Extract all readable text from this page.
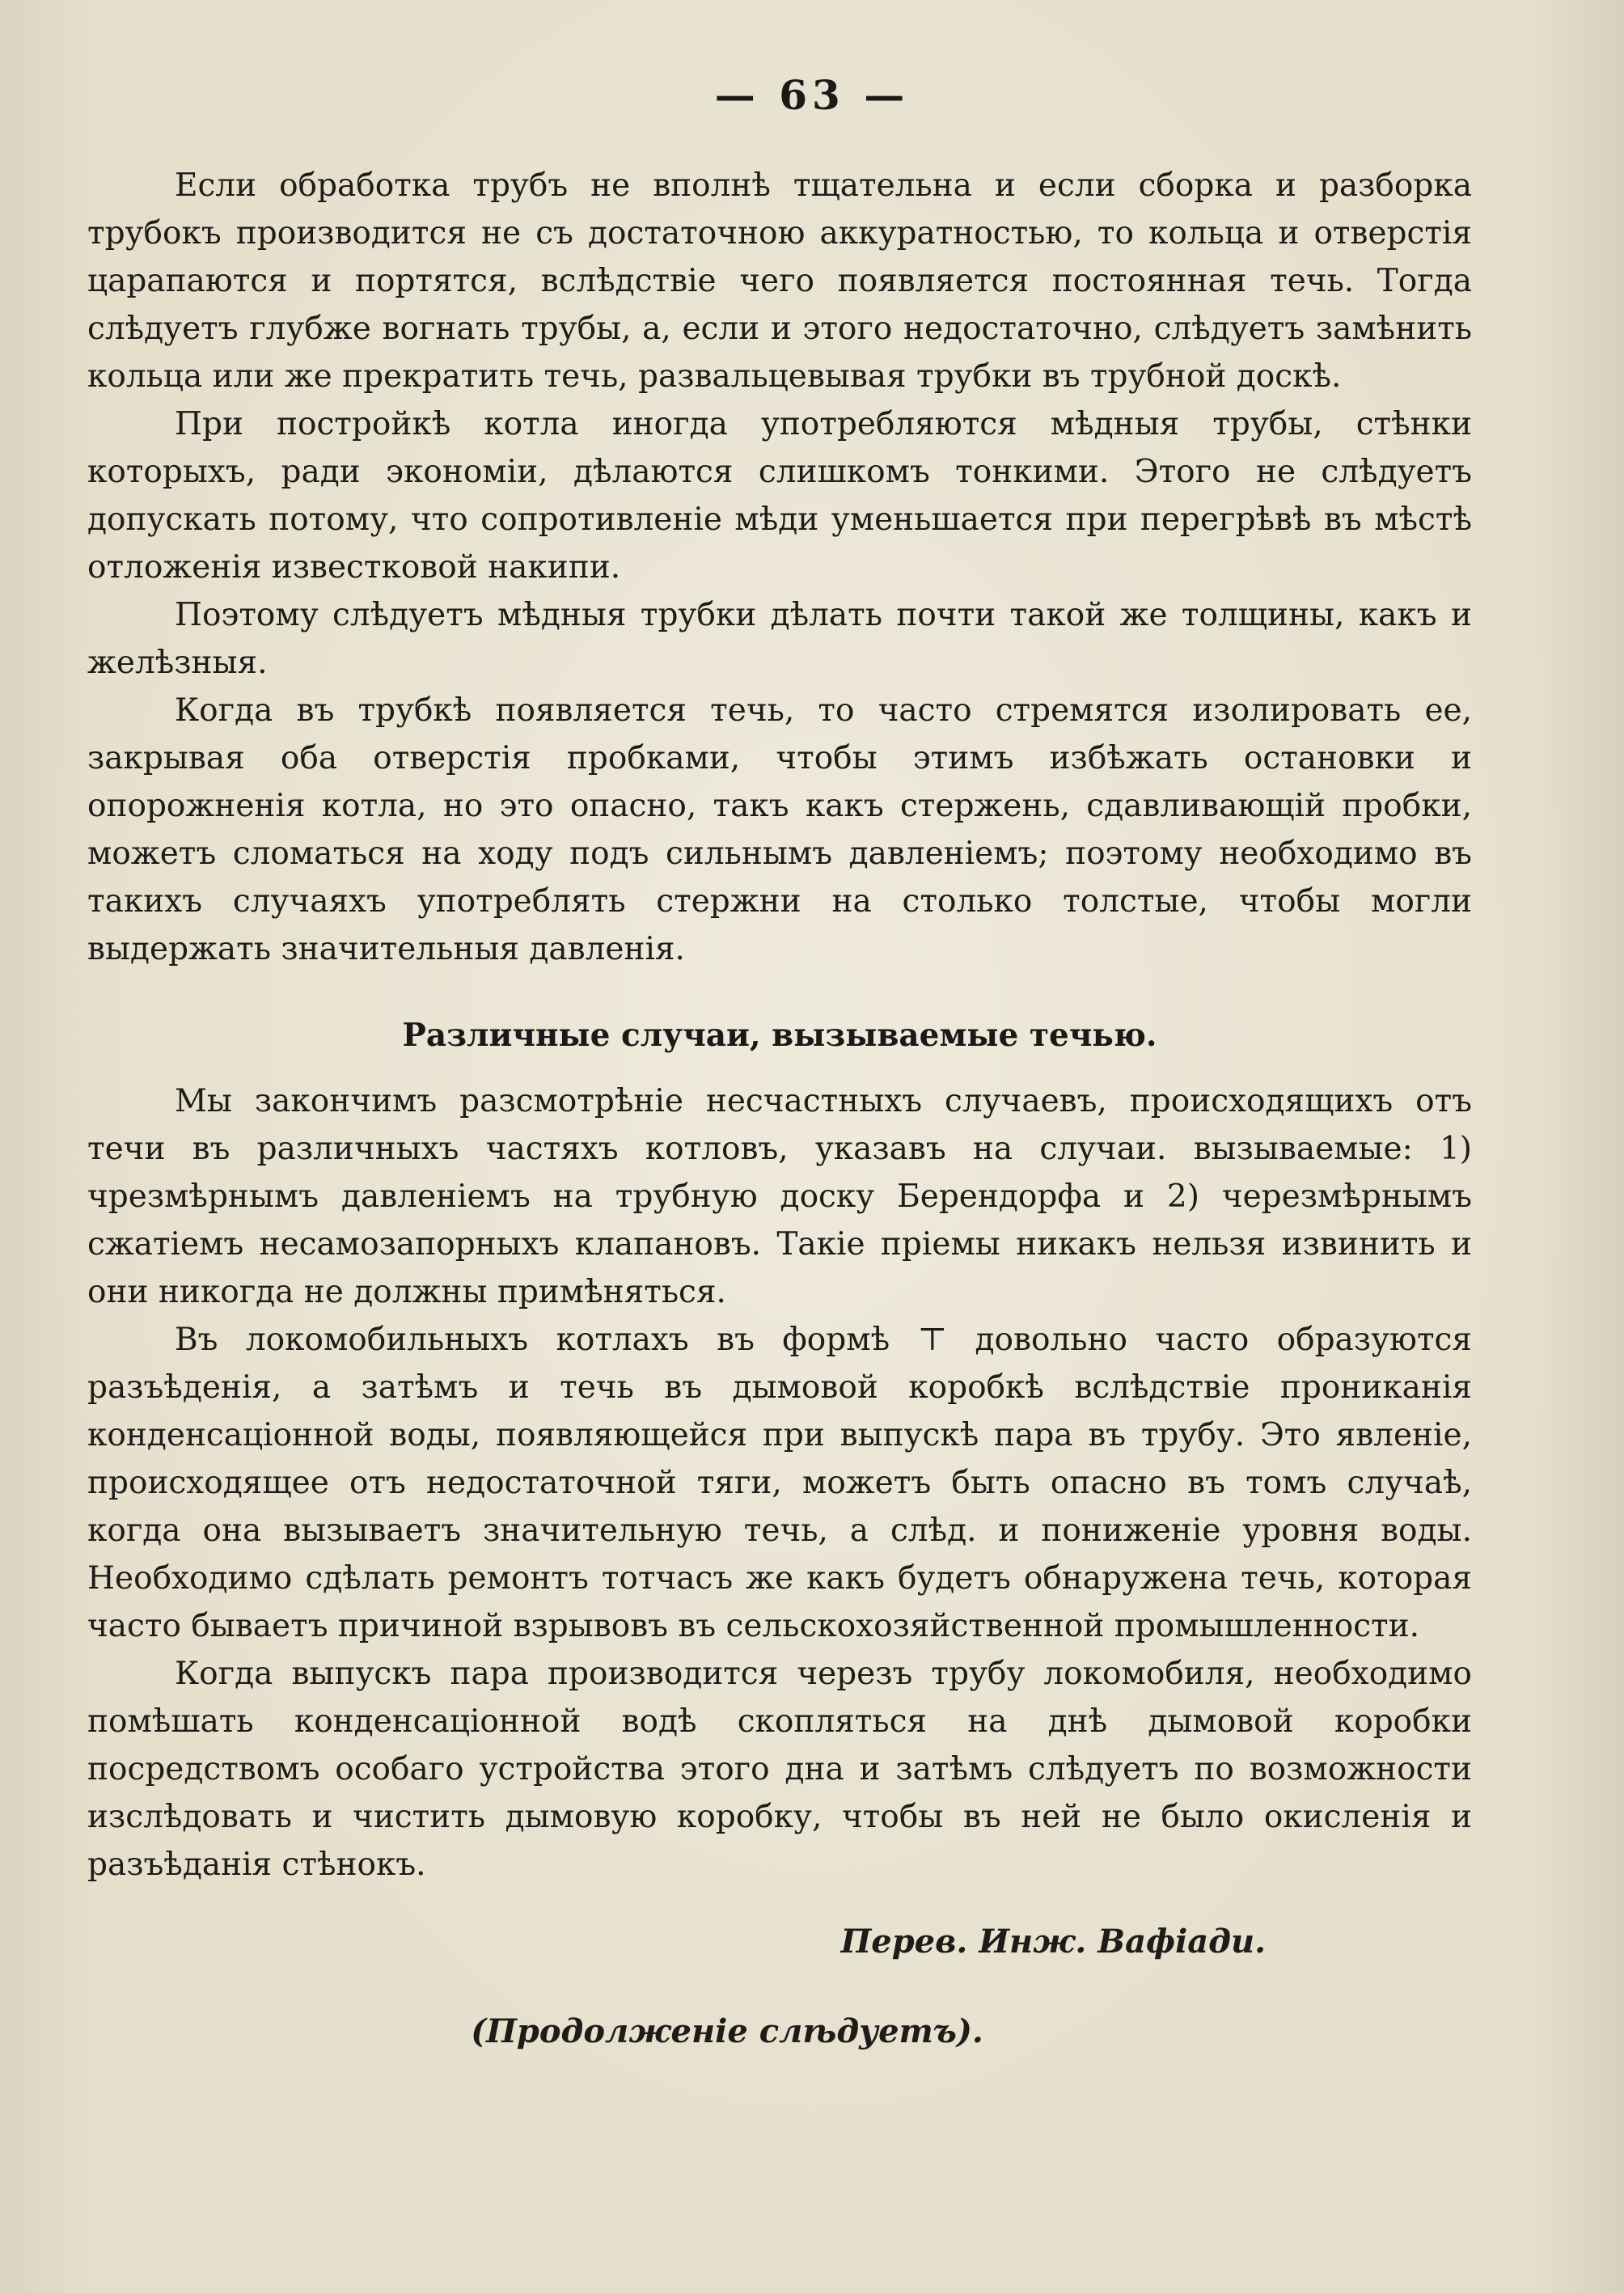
— 63 —

Если обработка трубъ не вполнѣ тщательна и если сборка и разборка трубокъ производится не съ достаточною аккуратностью, то кольца и отверстія царапаются и портятся, вслѣдствіе чего появляется постоянная течь. Тогда слѣдуетъ глубже вогнать трубы, а, если и этого недостаточно, слѣдуетъ замѣнить кольца или же прекратить течь, развальцевывая трубки въ трубной доскѣ.

При постройкѣ котла иногда употребляются мѣдныя трубы, стѣнки которыхъ, ради экономіи, дѣлаются слишкомъ тонкими. Этого не слѣдуетъ допускать потому, что сопротивленіе мѣди уменьшается при перегрѣвѣ въ мѣстѣ отложенія известковой накипи.

Поэтому слѣдуетъ мѣдныя трубки дѣлать почти такой же толщины, какъ и желѣзныя.

Когда въ трубкѣ появляется течь, то часто стремятся изолировать ее, закрывая оба отверстія пробками, чтобы этимъ избѣжать остановки и опорожненія котла, но это опасно, такъ какъ стержень, сдавливающій пробки, можетъ сломаться на ходу подъ сильнымъ давленіемъ; поэтому необходимо въ такихъ случаяхъ употреблять стержни на столько толстые, чтобы могли выдержать значительныя давленія.

Различные случаи, вызываемые течью.

Мы закончимъ разсмотрѣніе несчастныхъ случаевъ, происходящихъ отъ течи въ различныхъ частяхъ котловъ, указавъ на случаи. вызываемые: 1) чрезмѣрнымъ давленіемъ на трубную доску Берендорфа и 2) черезмѣрнымъ сжатіемъ несамозапорныхъ клапановъ. Такіе пріемы никакъ нельзя извинить и они никогда не должны примѣняться.

Въ локомобильныхъ котлахъ въ формѣ ⊤ довольно часто образуются разъѣденія, а затѣмъ и течь въ дымовой коробкѣ вслѣдствіе прониканія конденсаціонной воды, появляющейся при выпускѣ пара въ трубу. Это явленіе, происходящее отъ недостаточной тяги, можетъ быть опасно въ томъ случаѣ, когда она вызываетъ значительную течь, а слѣд. и пониженіе уровня воды. Необходимо сдѣлать ремонтъ тотчасъ же какъ будетъ обнаружена течь, которая часто бываетъ причиной взрывовъ въ сельскохозяйственной промышленности.

Когда выпускъ пара производится черезъ трубу локомобиля, необходимо помѣшать конденсаціонной водѣ скопляться на днѣ дымовой коробки посредствомъ особаго устройства этого дна и затѣмъ слѣдуетъ по возможности изслѣдовать и чистить дымовую коробку, чтобы въ ней не было окисленія и разъѣданія стѣнокъ.

Перев. Инж. Вафіади.

(Продолженіе слѣдуетъ).
